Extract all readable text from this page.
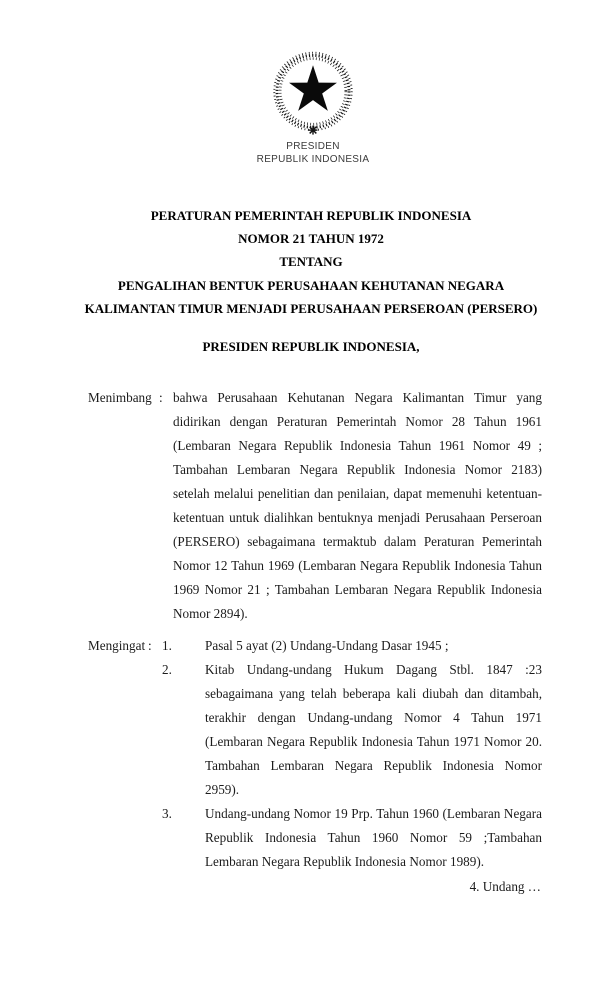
PRESIDEN
REPUBLIK INDONESIA
PERATURAN PEMERINTAH REPUBLIK INDONESIA
NOMOR 21 TAHUN 1972
TENTANG
PENGALIHAN BENTUK PERUSAHAAN KEHUTANAN NEGARA
KALIMANTAN TIMUR MENJADI PERUSAHAAN PERSEROAN (PERSERO)
PRESIDEN REPUBLIK INDONESIA,
Menimbang : bahwa Perusahaan Kehutanan Negara Kalimantan Timur yang didirikan dengan Peraturan Pemerintah Nomor 28 Tahun 1961 (Lembaran Negara Republik Indonesia Tahun 1961 Nomor 49 ; Tambahan Lembaran Negara Republik Indonesia Nomor 2183) setelah melalui penelitian dan penilaian, dapat memenuhi ketentuan-ketentuan untuk dialihkan bentuknya menjadi Perusahaan Perseroan (PERSERO) sebagaimana termaktub dalam Peraturan Pemerintah Nomor 12 Tahun 1969 (Lembaran Negara Republik Indonesia Tahun 1969 Nomor 21 ; Tambahan Lembaran Negara Republik Indonesia Nomor 2894).
Mengingat : 1.	Pasal 5 ayat (2) Undang-Undang Dasar 1945 ;
2.	Kitab Undang-undang Hukum Dagang Stbl. 1847 :23 sebagaimana yang telah beberapa kali diubah dan ditambah, terakhir dengan Undang-undang Nomor 4 Tahun 1971 (Lembaran Negara Republik Indonesia Tahun 1971 Nomor 20. Tambahan Lembaran Negara Republik Indonesia Nomor 2959).
3.	Undang-undang Nomor 19 Prp. Tahun 1960 (Lembaran Negara Republik Indonesia Tahun 1960 Nomor 59 ;Tambahan Lembaran Negara Republik Indonesia Nomor 1989).
4. Undang …
